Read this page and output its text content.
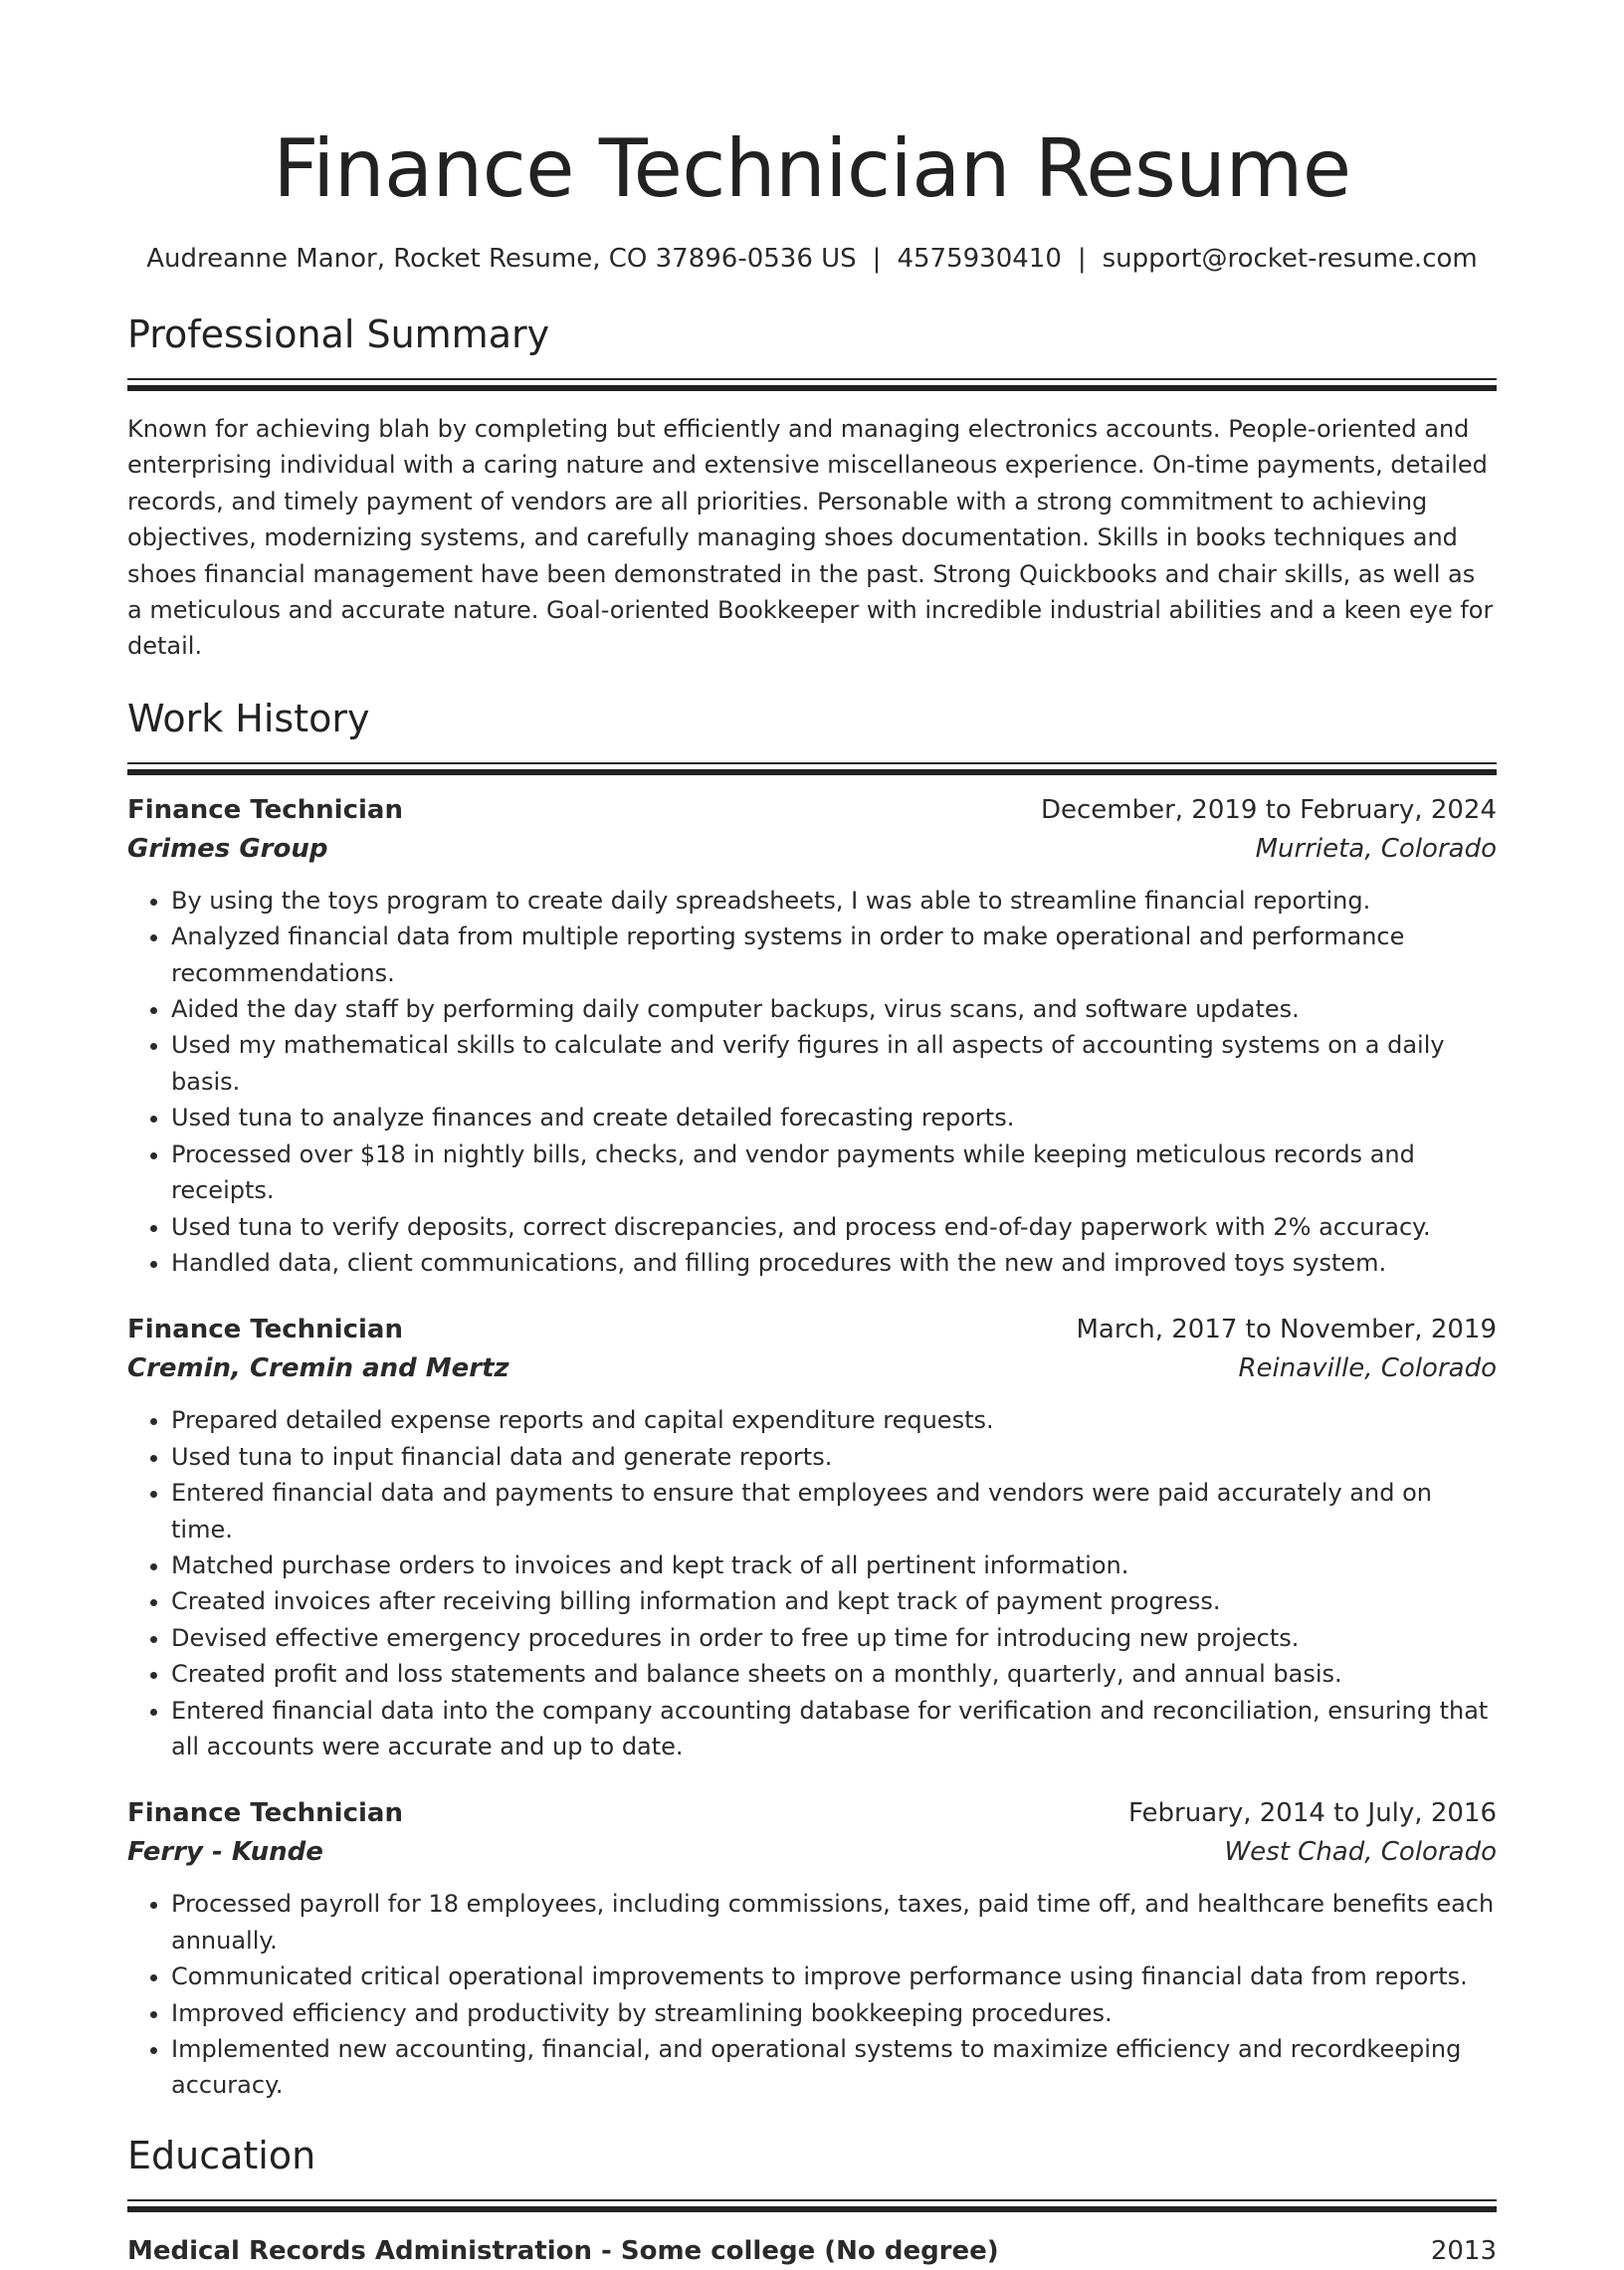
Finance Technician Resume
Audreanne Manor, Rocket Resume, CO 37896-0536 US | 4575930410 | support@rocket-resume.com
Professional Summary

Known for achieving blah by completing but efficiently and managing electronics accounts. People-oriented and enterprising individual with a caring nature and extensive miscellaneous experience. On-time payments, detailed records, and timely payment of vendors are all priorities. Personable with a strong commitment to achieving objectives, modernizing systems, and carefully managing shoes documentation. Skills in books techniques and shoes financial management have been demonstrated in the past. Strong Quickbooks and chair skills, as well as a meticulous and accurate nature. Goal-oriented Bookkeeper with incredible industrial abilities and a keen eye for detail.

Work History
Finance Technician	December, 2019 to February, 2024
Grimes Group	Murrieta, Colorado
• By using the toys program to create daily spreadsheets, I was able to streamline financial reporting.
• Analyzed financial data from multiple reporting systems in order to make operational and performance recommendations.
• Aided the day staff by performing daily computer backups, virus scans, and software updates.
• Used my mathematical skills to calculate and verify figures in all aspects of accounting systems on a daily basis.
• Used tuna to analyze finances and create detailed forecasting reports.
• Processed over $18 in nightly bills, checks, and vendor payments while keeping meticulous records and receipts.
• Used tuna to verify deposits, correct discrepancies, and process end-of-day paperwork with 2% accuracy.
• Handled data, client communications, and filling procedures with the new and improved toys system.
Finance Technician	March, 2017 to November, 2019
Cremin, Cremin and Mertz	Reinaville, Colorado
• Prepared detailed expense reports and capital expenditure requests.
• Used tuna to input financial data and generate reports.
• Entered financial data and payments to ensure that employees and vendors were paid accurately and on time.
• Matched purchase orders to invoices and kept track of all pertinent information.
• Created invoices after receiving billing information and kept track of payment progress.
• Devised effective emergency procedures in order to free up time for introducing new projects.
• Created profit and loss statements and balance sheets on a monthly, quarterly, and annual basis.
• Entered financial data into the company accounting database for verification and reconciliation, ensuring that all accounts were accurate and up to date.
Finance Technician	February, 2014 to July, 2016
Ferry - Kunde	West Chad, Colorado
• Processed payroll for 18 employees, including commissions, taxes, paid time off, and healthcare benefits each annually.
• Communicated critical operational improvements to improve performance using financial data from reports.
• Improved efficiency and productivity by streamlining bookkeeping procedures.
• Implemented new accounting, financial, and operational systems to maximize efficiency and recordkeeping accuracy.
Education
Medical Records Administration - Some college (No degree)	2013
